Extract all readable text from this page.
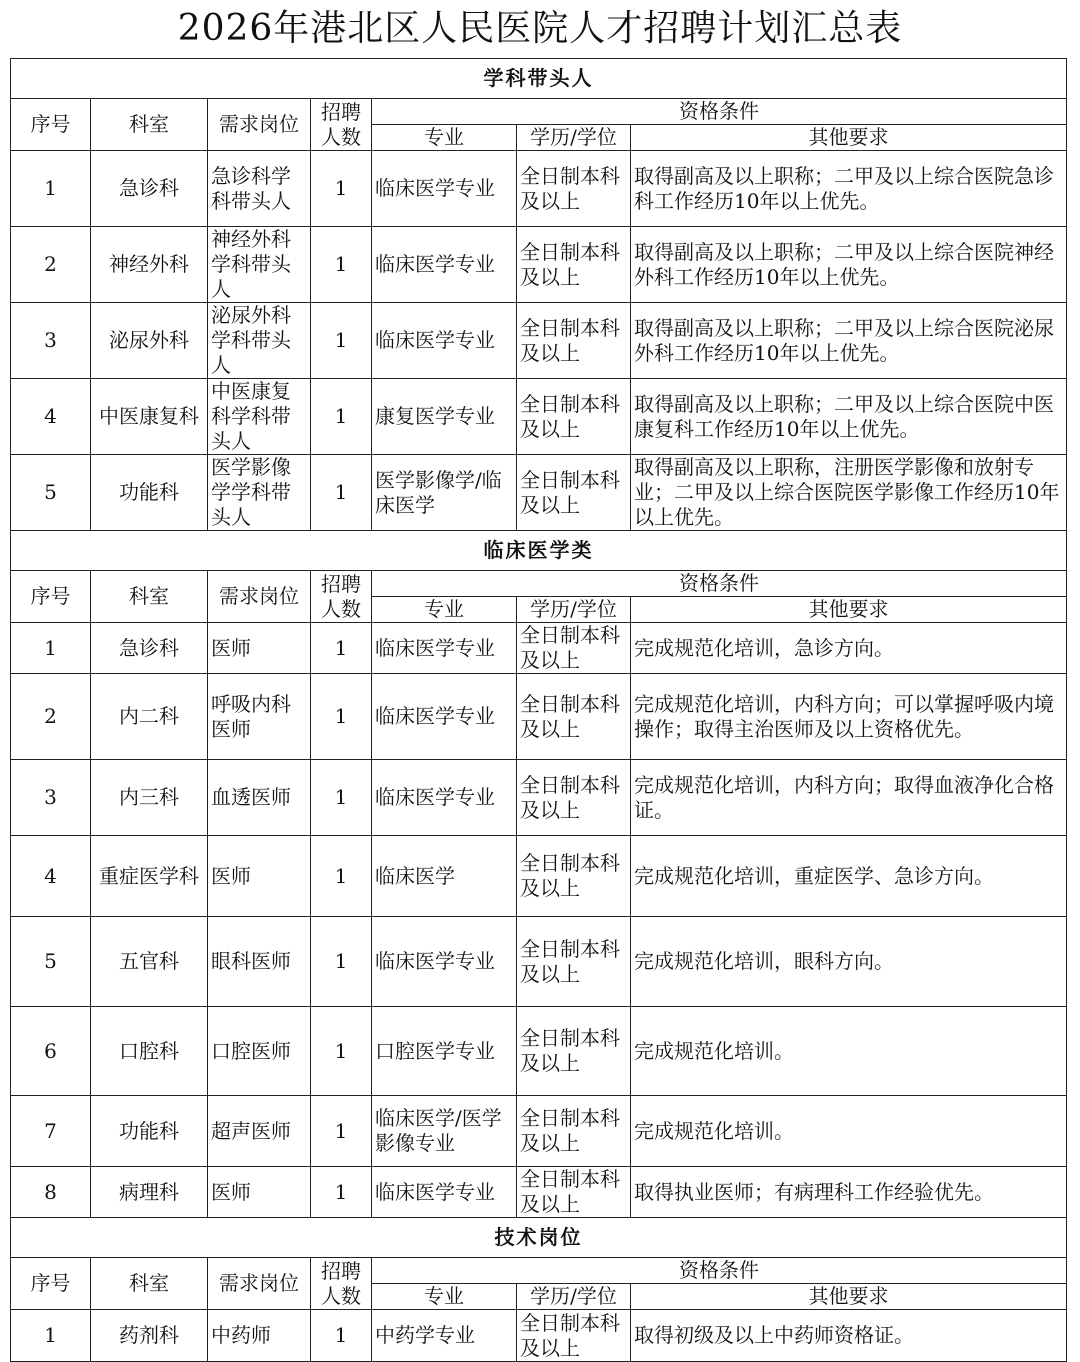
2026年港北区人民医院人才招聘计划汇总表
学科带头人						
序号	科室	需求岗位	招聘人数	资格条件		
				专业	学历/学位	其他要求
1	急诊科	急诊科学科带头人	1	临床医学专业	全日制本科及以上	取得副高及以上职称；二甲及以上综合医院急诊科工作经历10年以上优先。
2	神经外科	神经外科学科带头人	1	临床医学专业	全日制本科及以上	取得副高及以上职称；二甲及以上综合医院神经外科工作经历10年以上优先。
3	泌尿外科	泌尿外科学科带头人	1	临床医学专业	全日制本科及以上	取得副高及以上职称；二甲及以上综合医院泌尿外科工作经历10年以上优先。
4	中医康复科	中医康复科学科带头人	1	康复医学专业	全日制本科及以上	取得副高及以上职称；二甲及以上综合医院中医康复科工作经历10年以上优先。
5	功能科	医学影像学学科带头人	1	医学影像学/临床医学	全日制本科及以上	取得副高及以上职称，注册医学影像和放射专业；二甲及以上综合医院医学影像工作经历10年以上优先。
临床医学类						
序号	科室	需求岗位	招聘人数	资格条件		
				专业	学历/学位	其他要求
1	急诊科	医师	1	临床医学专业	全日制本科及以上	完成规范化培训，急诊方向。
2	内二科	呼吸内科医师	1	临床医学专业	全日制本科及以上	完成规范化培训，内科方向；可以掌握呼吸内境操作；取得主治医师及以上资格优先。
3	内三科	血透医师	1	临床医学专业	全日制本科及以上	完成规范化培训，内科方向；取得血液净化合格证。
4	重症医学科	医师	1	临床医学	全日制本科及以上	完成规范化培训，重症医学、急诊方向。
5	五官科	眼科医师	1	临床医学专业	全日制本科及以上	完成规范化培训，眼科方向。
6	口腔科	口腔医师	1	口腔医学专业	全日制本科及以上	完成规范化培训。
7	功能科	超声医师	1	临床医学/医学影像专业	全日制本科及以上	完成规范化培训。
8	病理科	医师	1	临床医学专业	全日制本科及以上	取得执业医师；有病理科工作经验优先。
技术岗位						
序号	科室	需求岗位	招聘人数	资格条件		
				专业	学历/学位	其他要求
1	药剂科	中药师	1	中药学专业	全日制本科及以上	取得初级及以上中药师资格证。
